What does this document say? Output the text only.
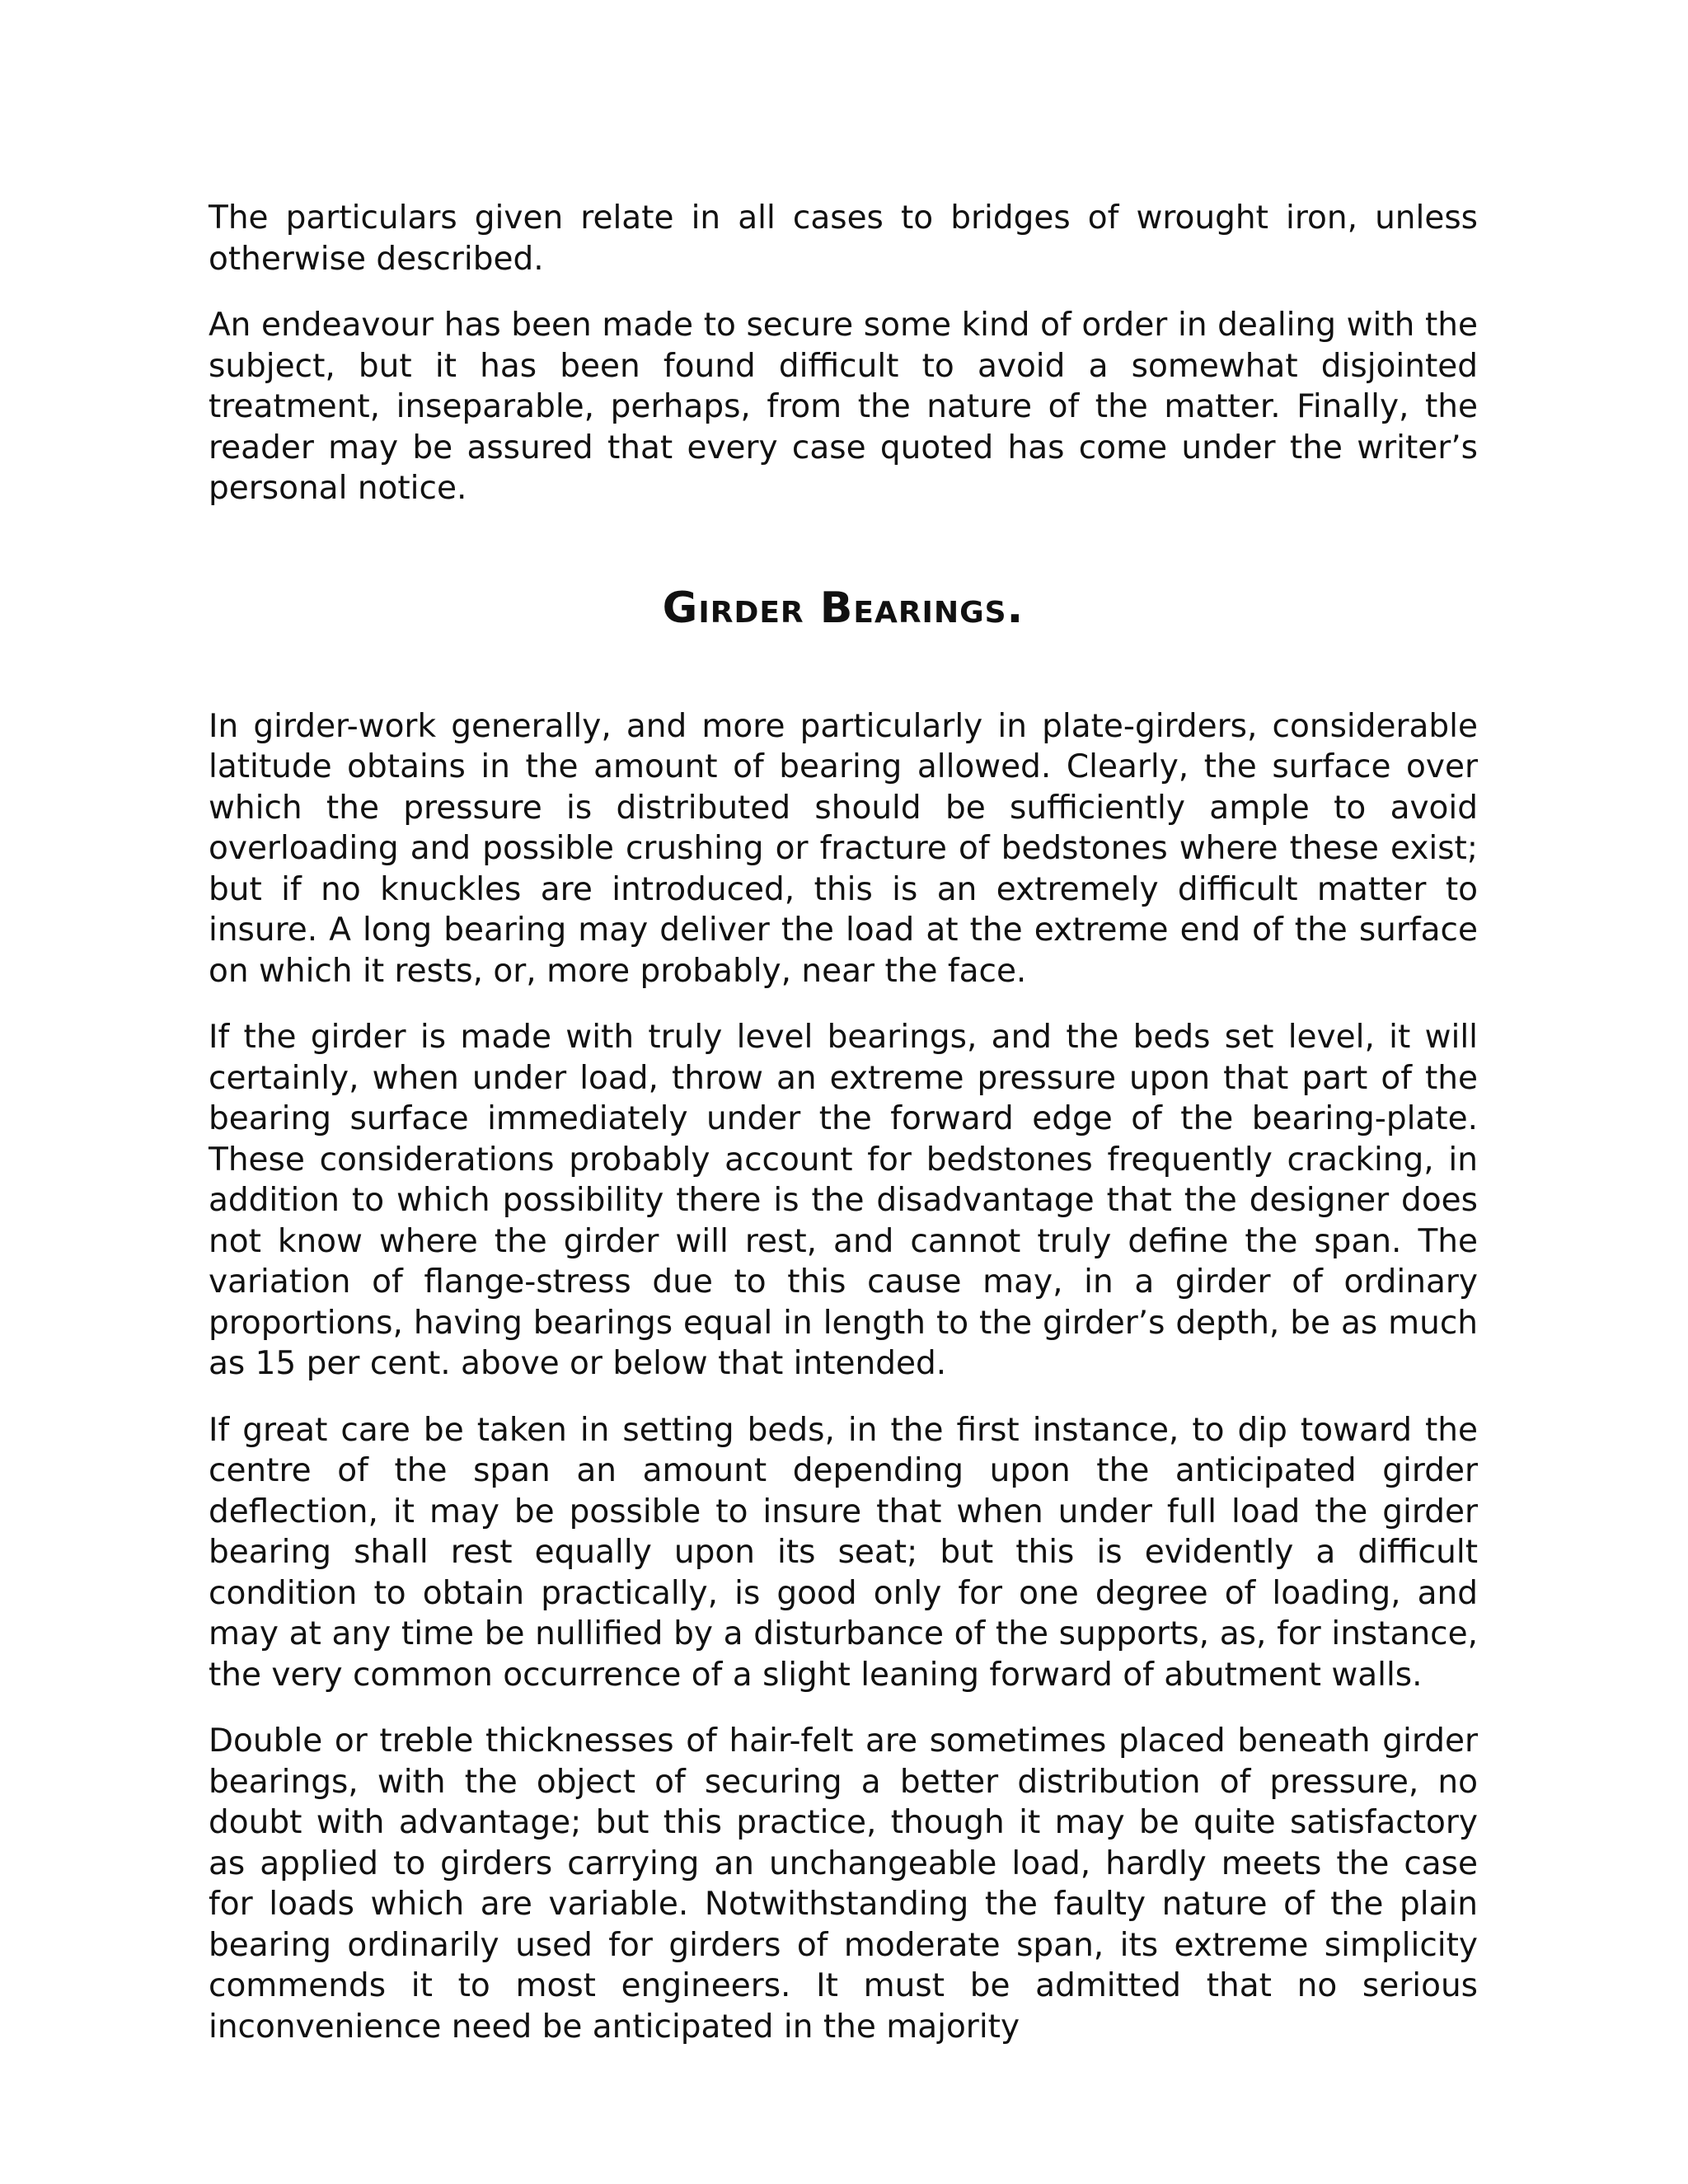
The particulars given relate in all cases to bridges of wrought iron, unless otherwise described.

An endeavour has been made to secure some kind of order in dealing with the subject, but it has been found difficult to avoid a somewhat disjointed treatment, inseparable, perhaps, from the nature of the matter. Finally, the reader may be assured that every case quoted has come under the writer’s personal notice.

Girder Bearings.

In girder-work generally, and more particularly in plate-girders, considerable latitude obtains in the amount of bearing allowed. Clearly, the surface over which the pressure is distributed should be sufficiently ample to avoid overloading and possible crushing or fracture of bedstones where these exist; but if no knuckles are introduced, this is an extremely difficult matter to insure. A long bearing may deliver the load at the extreme end of the surface on which it rests, or, more probably, near the face.

If the girder is made with truly level bearings, and the beds set level, it will certainly, when under load, throw an extreme pressure upon that part of the bearing surface immediately under the forward edge of the bearing-plate. These considerations probably account for bedstones frequently cracking, in addition to which possibility there is the disadvantage that the designer does not know where the girder will rest, and cannot truly define the span. The variation of flange-stress due to this cause may, in a girder of ordinary proportions, having bearings equal in length to the girder’s depth, be as much as 15 per cent. above or below that intended.

If great care be taken in setting beds, in the first instance, to dip toward the centre of the span an amount depending upon the anticipated girder deflection, it may be possible to insure that when under full load the girder bearing shall rest equally upon its seat; but this is evidently a difficult condition to obtain practically, is good only for one degree of loading, and may at any time be nullified by a disturbance of the supports, as, for instance, the very common occurrence of a slight leaning forward of abutment walls.

Double or treble thicknesses of hair-felt are sometimes placed beneath girder bearings, with the object of securing a better distribution of pressure, no doubt with advantage; but this practice, though it may be quite satisfactory as applied to girders carrying an unchangeable load, hardly meets the case for loads which are variable. Notwithstanding the faulty nature of the plain bearing ordinarily used for girders of moderate span, its extreme simplicity commends it to most engineers. It must be admitted that no serious inconvenience need be anticipated in the majority
